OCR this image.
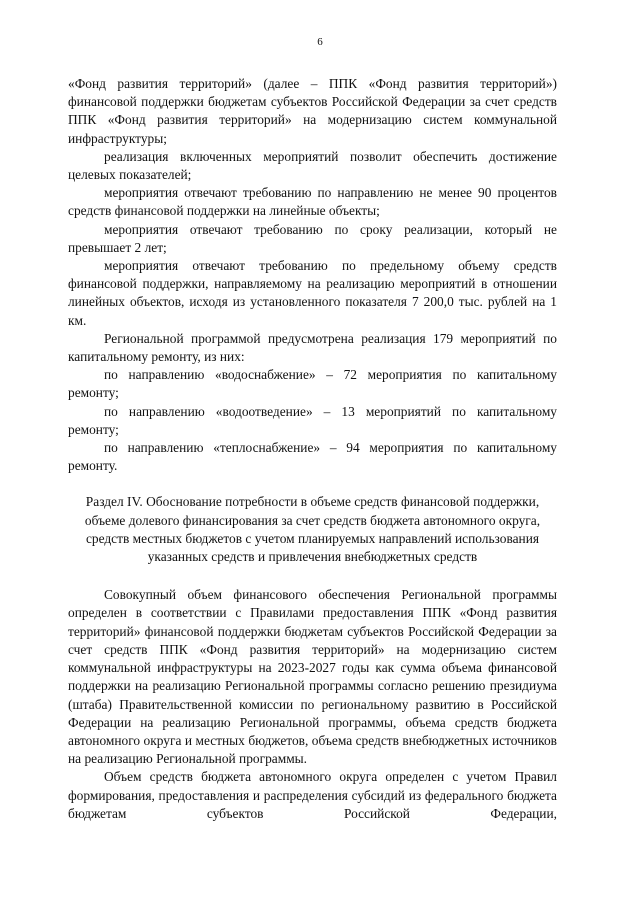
6

«Фонд развития территорий» (далее – ППК «Фонд развития территорий») финансовой поддержки бюджетам субъектов Российской Федерации за счет средств ППК «Фонд развития территорий» на модернизацию систем коммунальной инфраструктуры;

реализация включенных мероприятий позволит обеспечить достижение целевых показателей;

мероприятия отвечают требованию по направлению не менее 90 процентов средств финансовой поддержки на линейные объекты;

мероприятия отвечают требованию по сроку реализации, который не превышает 2 лет;

мероприятия отвечают требованию по предельному объему средств финансовой поддержки, направляемому на реализацию мероприятий в отношении линейных объектов, исходя из установленного показателя 7 200,0 тыс. рублей на 1 км.

Региональной программой предусмотрена реализация 179 мероприятий по капитальному ремонту, из них:

по направлению «водоснабжение» – 72 мероприятия по капитальному ремонту;

по направлению «водоотведение» – 13 мероприятий по капитальному ремонту;

по направлению «теплоснабжение» – 94 мероприятия по капитальному ремонту.

Раздел IV. Обоснование потребности в объеме средств финансовой поддержки, объеме долевого финансирования за счет средств бюджета автономного округа, средств местных бюджетов с учетом планируемых направлений использования указанных средств и привлечения внебюджетных средств

Совокупный объем финансового обеспечения Региональной программы определен в соответствии с Правилами предоставления ППК «Фонд развития территорий» финансовой поддержки бюджетам субъектов Российской Федерации за счет средств ППК «Фонд развития территорий» на модернизацию систем коммунальной инфраструктуры на 2023-2027 годы как сумма объема финансовой поддержки на реализацию Региональной программы согласно решению президиума (штаба) Правительственной комиссии по региональному развитию в Российской Федерации на реализацию Региональной программы, объема средств бюджета автономного округа и местных бюджетов, объема средств внебюджетных источников на реализацию Региональной программы.

Объем средств бюджета автономного округа определен с учетом Правил формирования, предоставления и распределения субсидий из федерального бюджета бюджетам субъектов Российской Федерации,
